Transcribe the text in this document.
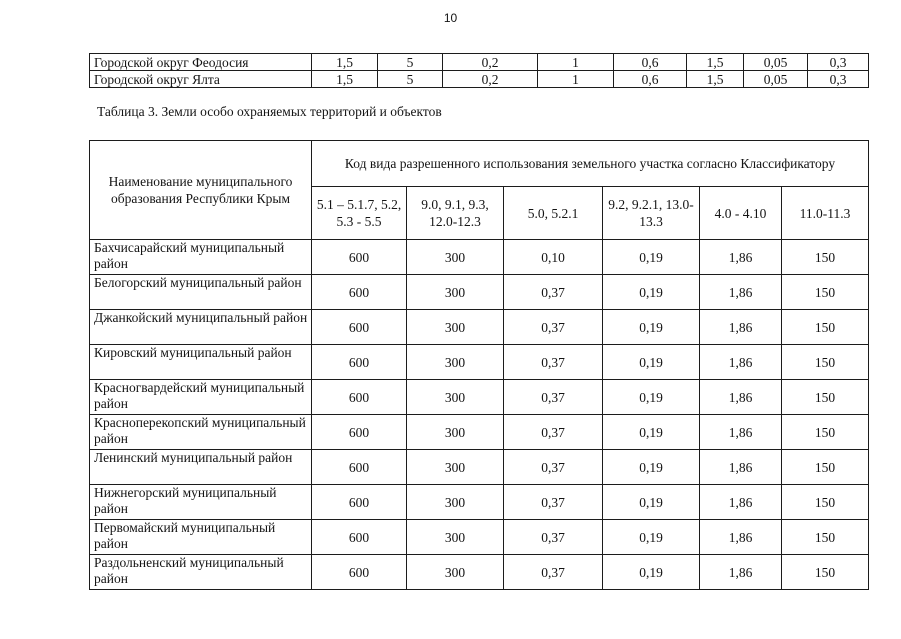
10
Городской округ Феодосия	1,5	5	0,2	1	0,6	1,5	0,05	0,3
Городской округ Ялта	1,5	5	0,2	1	0,6	1,5	0,05	0,3
Таблица 3. Земли особо охраняемых территорий и объектов
Наименование муниципального образования Республики Крым	Код вида разрешенного использования земельного участка согласно Классификатору					
	5.1 – 5.1.7, 5.2, 5.3 - 5.5	9.0, 9.1, 9.3, 12.0-12.3	5.0, 5.2.1	9.2, 9.2.1, 13.0-13.3	4.0 - 4.10	11.0-11.3
Бахчисарайский муниципальный район	600	300	0,10	0,19	1,86	150
Белогорский муниципальный район	600	300	0,37	0,19	1,86	150
Джанкойский муниципальный район	600	300	0,37	0,19	1,86	150
Кировский муниципальный район	600	300	0,37	0,19	1,86	150
Красногвардейский муниципальный район	600	300	0,37	0,19	1,86	150
Красноперекопский муниципальный район	600	300	0,37	0,19	1,86	150
Ленинский муниципальный район	600	300	0,37	0,19	1,86	150
Нижнегорский муниципальный район	600	300	0,37	0,19	1,86	150
Первомайский муниципальный район	600	300	0,37	0,19	1,86	150
Раздольненский муниципальный район	600	300	0,37	0,19	1,86	150
